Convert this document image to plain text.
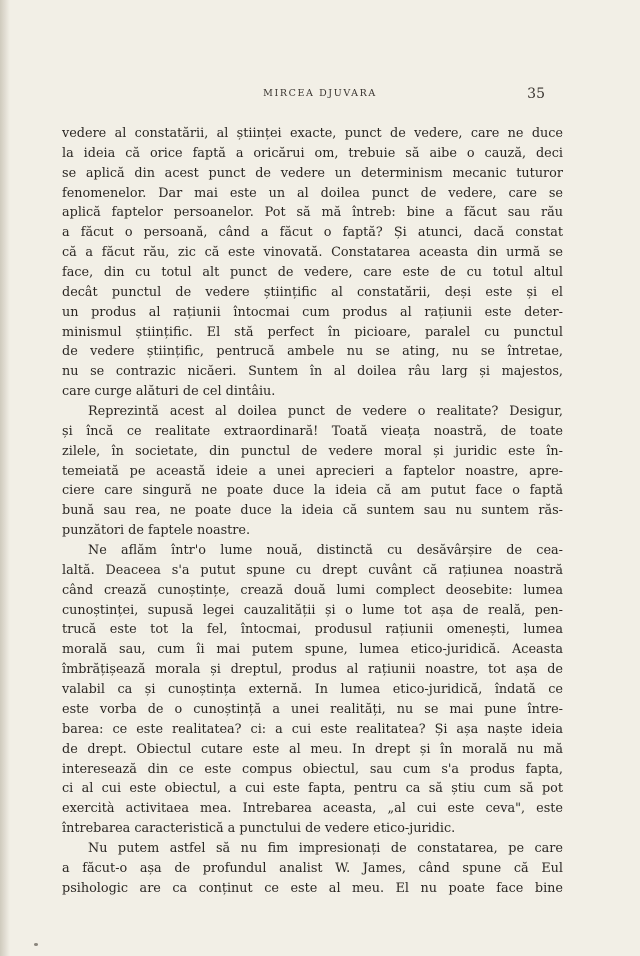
MIRCEA DJUVARA	35
vedere al constatării, al științei exacte, punct de vedere, care ne duce
la ideia că orice faptă a oricărui om, trebuie să aibe o cauză, deci
se aplică din acest punct de vedere un determinism mecanic tuturor
fenomenelor. Dar mai este un al doilea punct de vedere, care se
aplică faptelor persoanelor. Pot să mă întreb: bine a făcut sau rău
a făcut o persoană, când a făcut o faptă? Și atunci, dacă constat
că a făcut rău, zic că este vinovată. Constatarea aceasta din urmă se
face, din cu totul alt punct de vedere, care este de cu totul altul
decât punctul de vedere științific al constatării, deși este și el
un produs al rațiunii întocmai cum produs al rațiunii este deter-
minismul științific. El stă perfect în picioare, paralel cu punctul
de vedere științific, pentrucă ambele nu se ating, nu se întretae,
nu se contrazic nicăeri. Suntem în al doilea râu larg și majestos,
care curge alături de cel dintâiu.
Reprezintă acest al doilea punct de vedere o realitate? Desigur,
și încă ce realitate extraordinară! Toată vieața noastră, de toate
zilele, în societate, din punctul de vedere moral și juridic este în-
temeiată pe această ideie a unei aprecieri a faptelor noastre, apre-
ciere care singură ne poate duce la ideia că am putut face o faptă
bună sau rea, ne poate duce la ideia că suntem sau nu suntem răs-
punzători de faptele noastre.
Ne aflăm într'o lume nouă, distinctă cu desăvârșire de cea-
laltă. Deaceea s'a putut spune cu drept cuvânt că rațiunea noastră
când crează cunoștințe, crează două lumi complect deosebite: lumea
cunoștinței, supusă legei cauzalității și o lume tot așa de reală, pen-
trucă este tot la fel, întocmai, produsul rațiunii omenești, lumea
morală sau, cum îi mai putem spune, lumea etico-juridică. Aceasta
îmbrățișează morala și dreptul, produs al rațiunii noastre, tot așa de
valabil ca și cunoștința externă. In lumea etico-juridică, îndată ce
este vorba de o cunoștință a unei realități, nu se mai pune între-
barea: ce este realitatea? ci: a cui este realitatea? Și așa naște ideia
de drept. Obiectul cutare este al meu. In drept și în morală nu mă
interesează din ce este compus obiectul, sau cum s'a produs fapta,
ci al cui este obiectul, a cui este fapta, pentru ca să știu cum să pot
exercità activitaea mea. Intrebarea aceasta, „al cui este ceva", este
întrebarea caracteristică a punctului de vedere etico-juridic.
Nu putem astfel să nu fim impresionați de constatarea, pe care
a făcut-o așa de profundul analist W. James, când spune că Eul
psihologic are ca conținut ce este al meu. El nu poate face bine
